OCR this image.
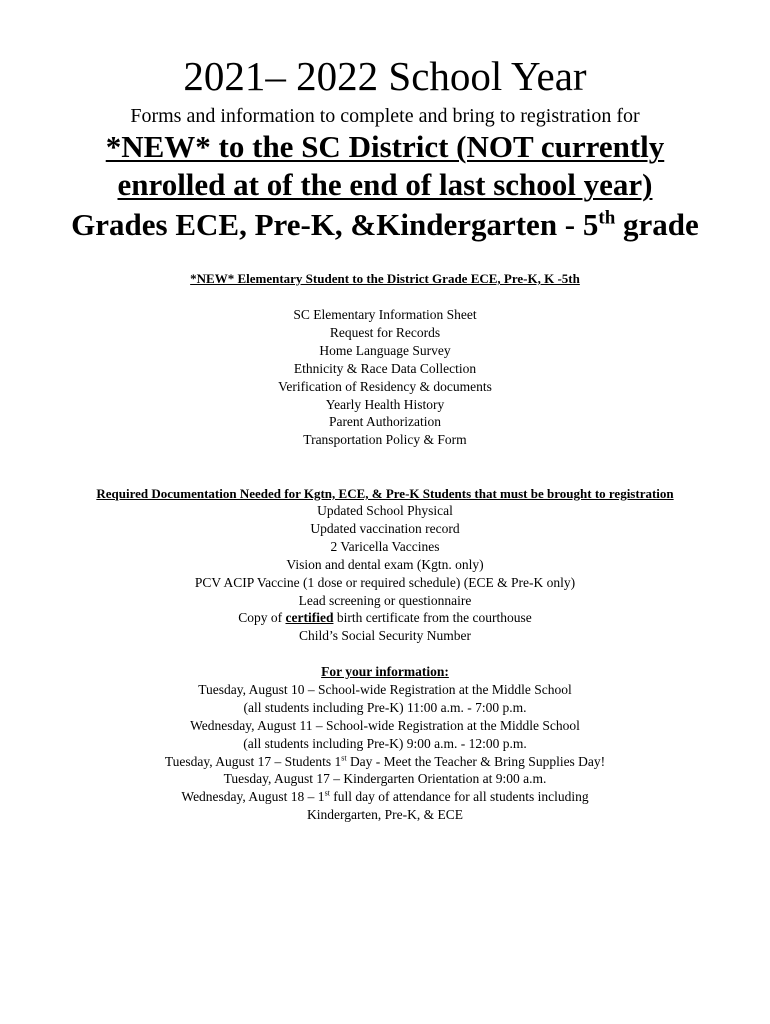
2021– 2022 School Year
Forms and information to complete and bring to registration for
*NEW* to the SC District (NOT currently
enrolled at of the end of last school year)
Grades ECE, Pre-K, &Kindergarten - 5th grade
*NEW* Elementary Student to the District Grade ECE, Pre-K, K -5th
SC Elementary Information Sheet
Request for Records
Home Language Survey
Ethnicity & Race Data Collection
Verification of Residency & documents
Yearly Health History
Parent Authorization
Transportation Policy & Form
Required Documentation Needed for Kgtn, ECE, & Pre-K Students that must be brought to registration
Updated School Physical
Updated vaccination record
2 Varicella Vaccines
Vision and dental exam (Kgtn. only)
PCV ACIP Vaccine (1 dose or required schedule) (ECE & Pre-K only)
Lead screening or questionnaire
Copy of certified birth certificate from the courthouse
Child’s Social Security Number
For your information:
Tuesday, August 10 – School-wide Registration at the Middle School
(all students including Pre-K) 11:00 a.m. - 7:00 p.m.
Wednesday, August 11 – School-wide Registration at the Middle School
(all students including Pre-K) 9:00 a.m. - 12:00 p.m.
Tuesday, August 17 – Students 1st Day - Meet the Teacher & Bring Supplies Day!
Tuesday, August 17 – Kindergarten Orientation at 9:00 a.m.
Wednesday, August 18 – 1st full day of attendance for all students including
Kindergarten, Pre-K, & ECE
